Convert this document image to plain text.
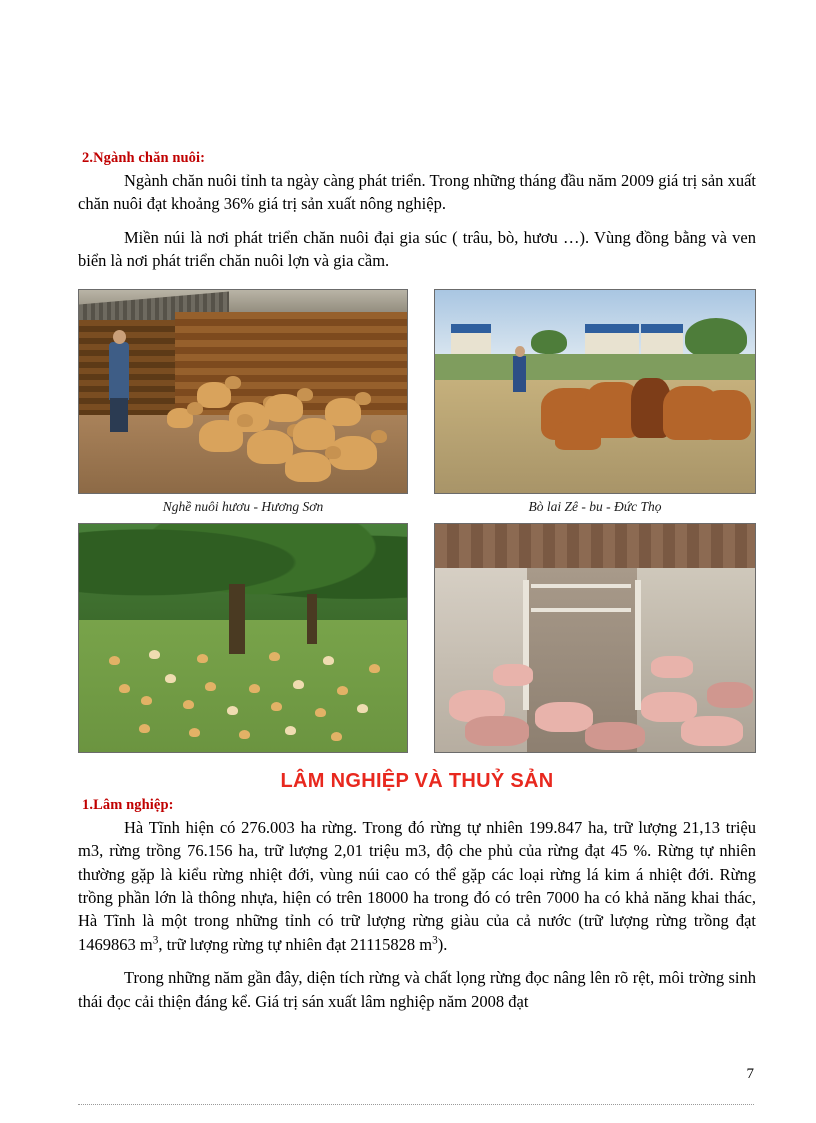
2.Ngành chăn nuôi:

Ngành chăn nuôi tỉnh ta ngày càng phát triển. Trong những tháng đầu năm 2009 giá trị sản xuất chăn nuôi đạt khoảng 36% giá trị sản xuất nông nghiệp.

Miền núi là nơi phát triển chăn nuôi đại gia súc ( trâu, bò, hươu …). Vùng đồng bằng và ven biển là nơi phát triển chăn nuôi lợn và gia cầm.

Nghề nuôi hươu - Hương Sơn	Bò lai Zê - bu - Đức Thọ
LÂM NGHIỆP VÀ THUỶ SẢN
1.Lâm nghiệp:

Hà Tĩnh hiện có 276.003 ha rừng. Trong đó rừng tự nhiên 199.847 ha, trữ lượng 21,13 triệu m3, rừng trồng 76.156 ha, trữ lượng 2,01 triệu m3, độ che phủ của rừng đạt 45 %. Rừng tự nhiên thường gặp là kiểu rừng nhiệt đới, vùng núi cao có thể gặp các loại rừng lá kim á nhiệt đới. Rừng trồng phần lớn là thông nhựa, hiện có trên 18000 ha trong đó có trên 7000 ha có khả năng khai thác, Hà Tĩnh là một trong những tỉnh có trữ lượng rừng giàu của cả nước (trữ lượng rừng trồng đạt 1469863 $m^3$, trữ lượng rừng tự nhiên đạt 21115828 $m^3$).

Trong những năm gần đây, diện tích rừng và chất lọng rừng đọc nâng lên rõ rệt, môi trờng sinh thái đọc cải thiện đáng kể. Giá trị sán xuất lâm nghiệp năm 2008 đạt

7
